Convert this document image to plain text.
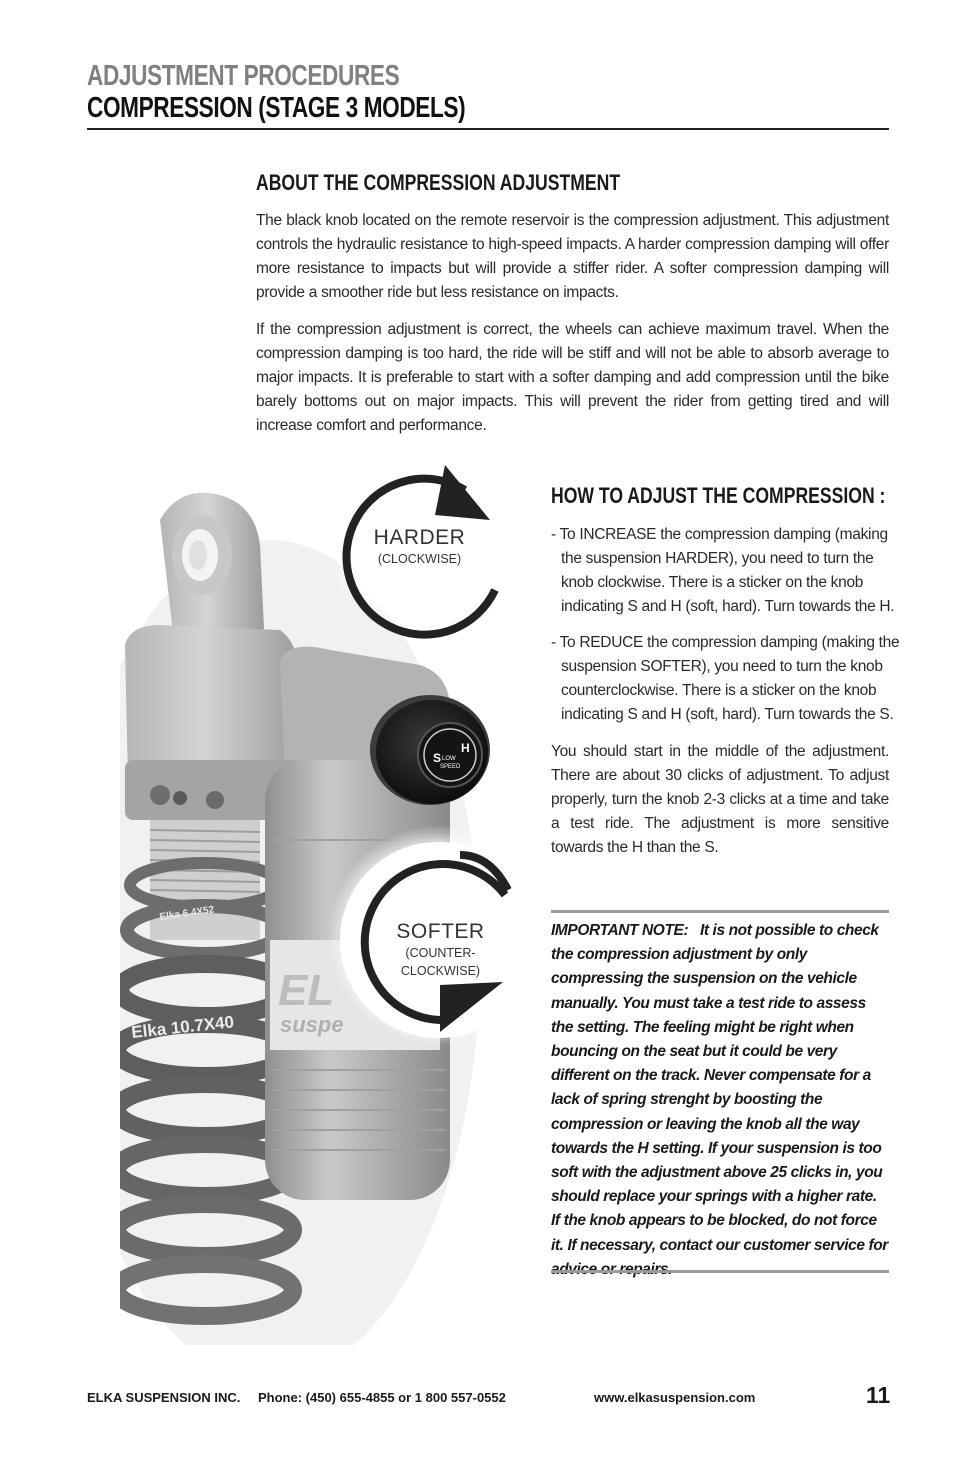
ADJUSTMENT PROCEDURES
COMPRESSION (STAGE 3 MODELS)
ABOUT THE COMPRESSION ADJUSTMENT
The black knob located on the remote reservoir is the compression adjustment. This adjustment controls the hydraulic resistance to high-speed impacts. A harder compression damping will offer more resistance to impacts but will provide a stiffer rider. A softer compression damping will provide a smoother ride but less resistance on impacts.
If the compression adjustment is correct, the wheels can achieve maximum travel. When the compression damping is too hard, the ride will be stiff and will not be able to absorb average to major impacts. It is preferable to start with a softer damping and add compression until the bike barely bottoms out on major impacts. This will prevent the rider from getting tired and will increase comfort and performance.
Elka 6.4X52
Elka 10.7X40
EL
suspe
S
H
LOW
SPEED
HARDER
(CLOCKWISE)
SOFTER
(COUNTER-CLOCKWISE)
HOW TO ADJUST THE COMPRESSION :
- To INCREASE the compression damping (making the suspension HARDER), you need to turn the knob clockwise. There is a sticker on the knob indicating S and H (soft, hard). Turn towards the H.
- To REDUCE the compression damping (making the suspension SOFTER), you need to turn the knob counterclockwise. There is a sticker on the knob indicating S and H (soft, hard). Turn towards the S.
You should start in the middle of the adjustment. There are about 30 clicks of adjustment. To adjust properly, turn the knob 2-3 clicks at a time and take a test ride. The adjustment is more sensitive towards the H than the S.
IMPORTANT NOTE: It is not possible to check the compression adjustment by only compressing the suspension on the vehicle manually. You must take a test ride to assess the setting. The feeling might be right when bouncing on the seat but it could be very different on the track. Never compensate for a lack of spring strenght by boosting the compression or leaving the knob all the way towards the H setting. If your suspension is too soft with the adjustment above 25 clicks in, you should replace your springs with a higher rate. If the knob appears to be blocked, do not force it. If necessary, contact our customer service for
ELKA SUSPENSION INC. Phone: (450) 655-4855 or 1 800 557-0552	www.elkasuspension.com	11
